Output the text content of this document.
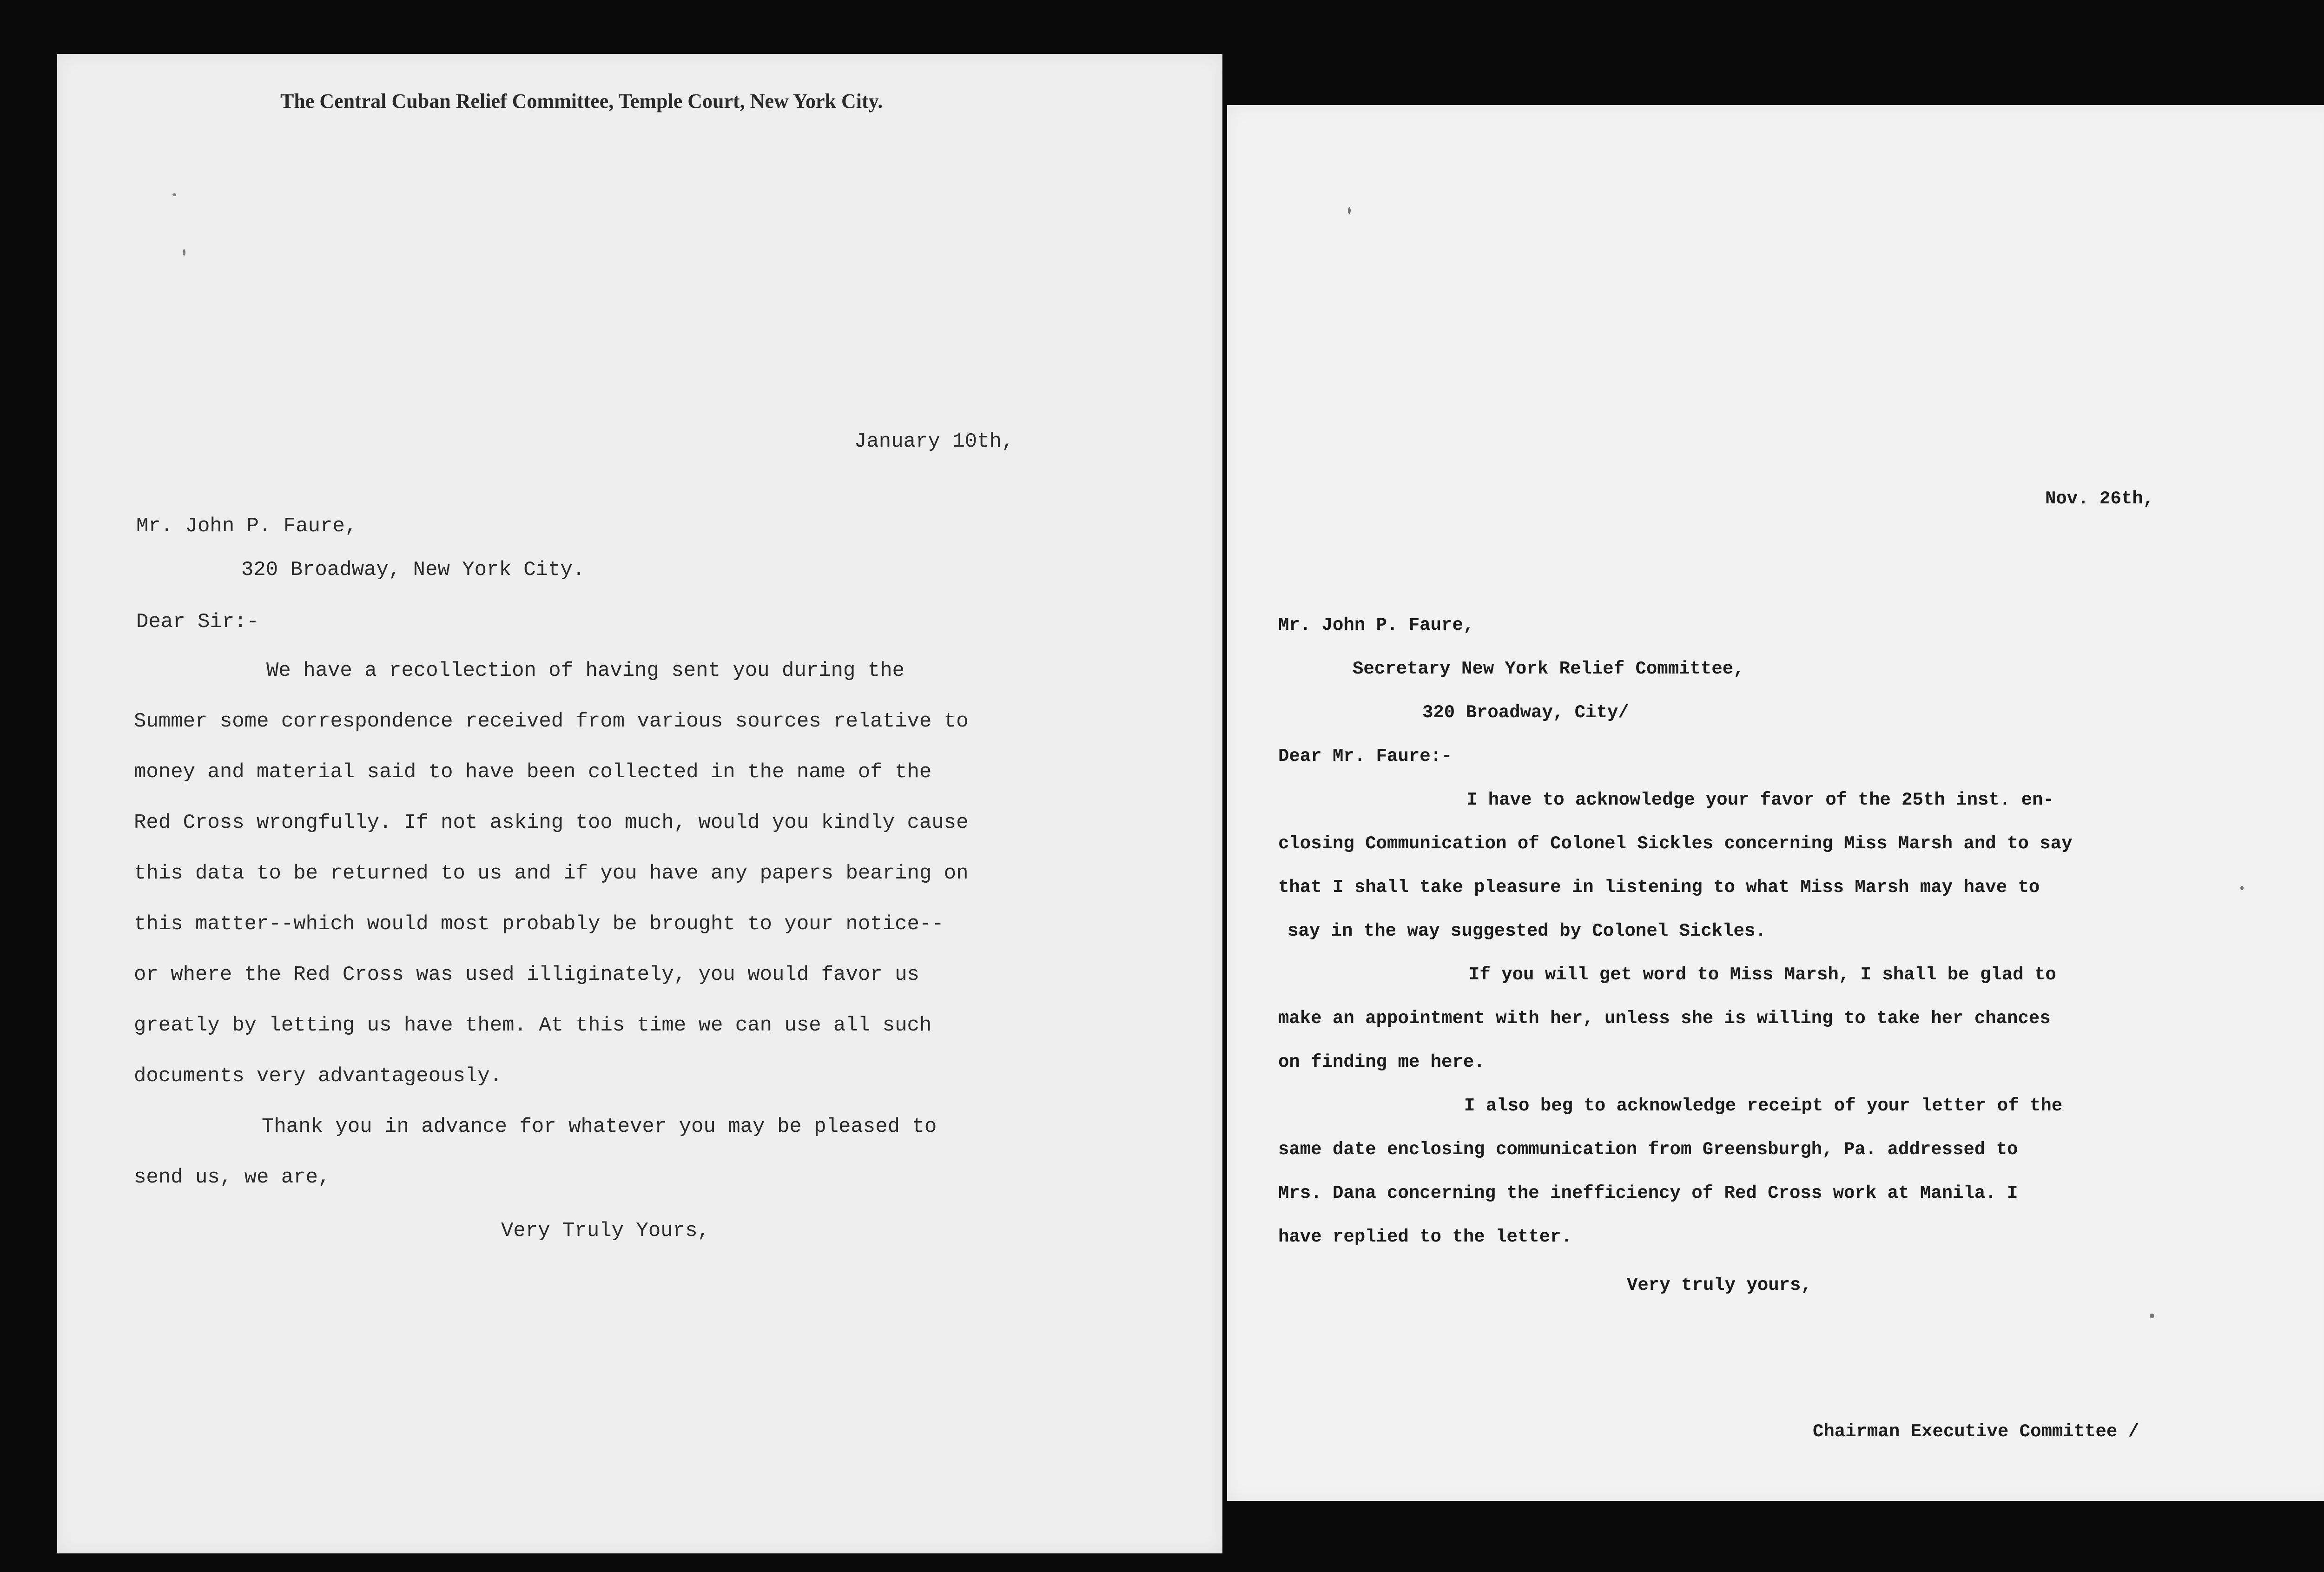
The Central Cuban Relief Committee, Temple Court, New York City.
January 10th,
Mr. John P. Faure,
320 Broadway, New York City.
Dear Sir:-
We have a recollection of having sent you during the
Summer some correspondence received from various sources relative to
money and material said to have been collected in the name of the
Red Cross wrongfully. If not asking too much, would you kindly cause
this data to be returned to us and if you have any papers bearing on
this matter--which would most probably be brought to your notice--
or where the Red Cross was used illiginately, you would favor us
greatly by letting us have them. At this time we can use all such
documents very advantageously.
Thank you in advance for whatever you may be pleased to
send us, we are,
Very Truly Yours,
Nov. 26th,
Mr. John P. Faure,
Secretary New York Relief Committee,
320 Broadway, City/
Dear Mr. Faure:-
I have to acknowledge your favor of the 25th inst. en-
closing Communication of Colonel Sickles concerning Miss Marsh and to say
that I shall take pleasure in listening to what Miss Marsh may have to
say in the way suggested by Colonel Sickles.
If you will get word to Miss Marsh, I shall be glad to
make an appointment with her, unless she is willing to take her chances
on finding me here.
I also beg to acknowledge receipt of your letter of the
same date enclosing communication from Greensburgh, Pa. addressed to
Mrs. Dana concerning the inefficiency of Red Cross work at Manila. I
have replied to the letter.
Very truly yours,
Chairman Executive Committee /
